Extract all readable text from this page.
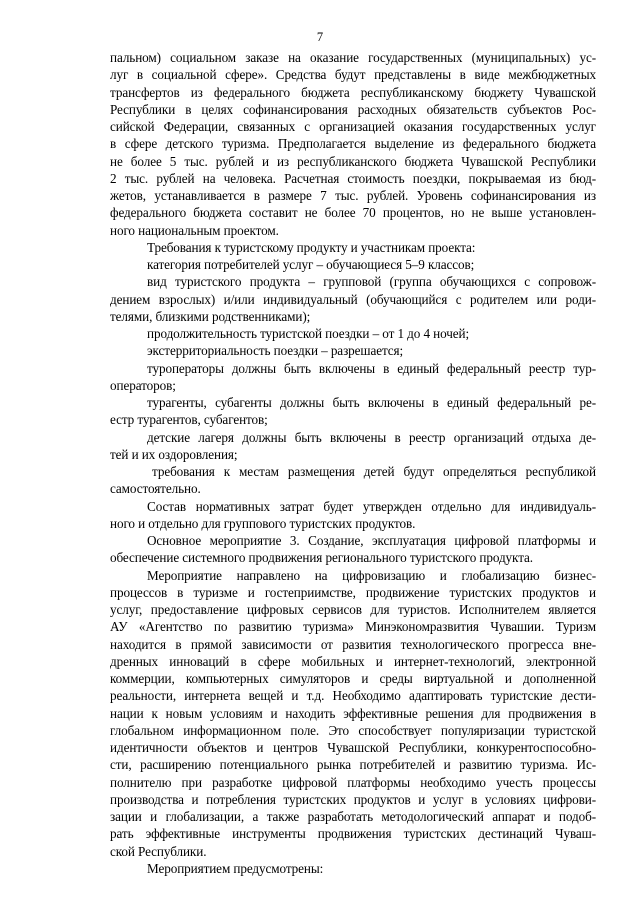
7
пальном) социальном заказе на оказание государственных (муниципальных) ус-
луг в социальной сфере». Средства будут представлены в виде межбюджетных
трансфертов из федерального бюджета республиканскому бюджету Чувашской
Республики в целях софинансирования расходных обязательств субъектов Рос-
сийской Федерации, связанных с организацией оказания государственных услуг
в сфере детского туризма. Предполагается выделение из федерального бюджета
не более 5 тыс. рублей и из республиканского бюджета Чувашской Республики
2 тыс. рублей на человека. Расчетная стоимость поездки, покрываемая из бюд-
жетов, устанавливается в размере 7 тыс. рублей. Уровень софинансирования из
федерального бюджета составит не более 70 процентов, но не выше установлен-
ного национальным проектом.
Требования к туристскому продукту и участникам проекта:
категория потребителей услуг – обучающиеся 5–9 классов;
вид туристского продукта – групповой (группа обучающихся с сопровож-
дением взрослых) и/или индивидуальный (обучающийся с родителем или роди-
телями, близкими родственниками);
продолжительность туристской поездки – от 1 до 4 ночей;
экстерриториальность поездки – разрешается;
туроператоры должны быть включены в единый федеральный реестр тур-
операторов;
турагенты, субагенты должны быть включены в единый федеральный ре-
естр турагентов, субагентов;
детские лагеря должны быть включены в реестр организаций отдыха де-
тей и их оздоровления;
требования к местам размещения детей будут определяться республикой
самостоятельно.
Состав нормативных затрат будет утвержден отдельно для индивидуаль-
ного и отдельно для группового туристских продуктов.
Основное мероприятие 3. Создание, эксплуатация цифровой платформы и
обеспечение системного продвижения регионального туристского продукта.
Мероприятие направлено на цифровизацию и глобализацию бизнес-
процессов в туризме и гостеприимстве, продвижение туристских продуктов и
услуг, предоставление цифровых сервисов для туристов. Исполнителем является
АУ «Агентство по развитию туризма» Минэкономразвития Чувашии. Туризм
находится в прямой зависимости от развития технологического прогресса вне-
дренных инноваций в сфере мобильных и интернет-технологий, электронной
коммерции, компьютерных симуляторов и среды виртуальной и дополненной
реальности, интернета вещей и т.д. Необходимо адаптировать туристские дести-
нации к новым условиям и находить эффективные решения для продвижения в
глобальном информационном поле. Это способствует популяризации туристской
идентичности объектов и центров Чувашской Республики, конкурентоспособно-
сти, расширению потенциального рынка потребителей и развитию туризма. Ис-
полнителю при разработке цифровой платформы необходимо учесть процессы
производства и потребления туристских продуктов и услуг в условиях цифрови-
зации и глобализации, а также разработать методологический аппарат и подоб-
рать эффективные инструменты продвижения туристских дестинаций Чуваш-
ской Республики.
Мероприятием предусмотрены:
